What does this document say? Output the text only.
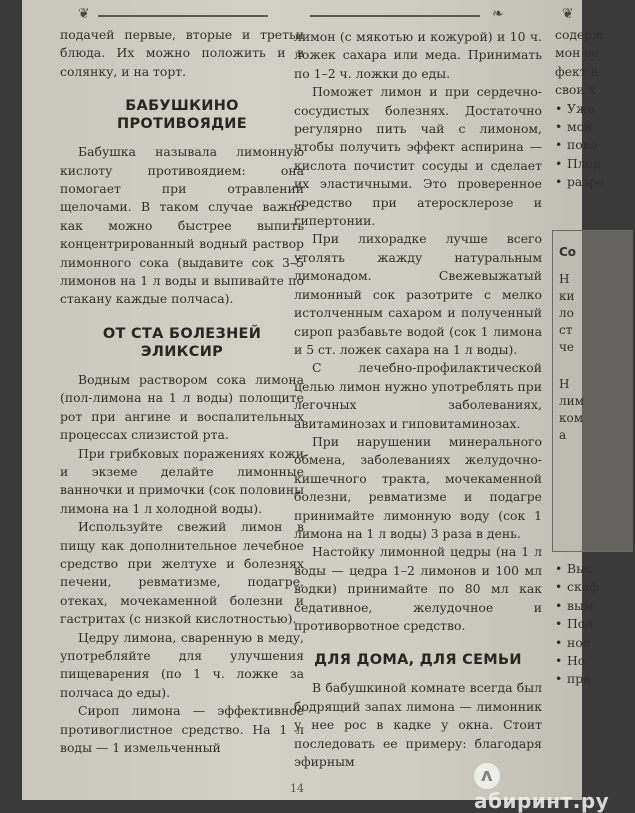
❦	❧	❦

подачей первые, вторые и третьи блюда. Их можно положить и в солянку, и на торт.

БАБУШКИНО ПРОТИВОЯДИЕ

Бабушка называла лимонную кислоту противоядием: она помогает при отравлении щелочами. В таком случае важно как можно быстрее выпить концентрированный водный раствор лимонного сока (выдавите сок 3–5 лимонов на 1 л воды и выпивайте по стакану каждые полчаса).

ОТ СТА БОЛЕЗНЕЙ ЭЛИКСИР

Водным раствором сока лимона (пол-лимона на 1 л воды) полощите рот при ангине и воспалительных процессах слизистой рта.

При грибковых поражениях кожи и экземе делайте лимонные ванночки и примочки (сок половины лимона на 1 л холодной воды).

Используйте свежий лимон в пищу как дополнительное лечебное средство при желтухе и болезнях печени, ревматизме, подагре, отеках, мочекаменной болезни и гастритах (с низкой кислотностью).

Цедру лимона, сваренную в меду, употребляйте для улучшения пищеварения (по 1 ч. ложке за полчаса до еды).

Сироп лимона — эффективное противоглистное средство. На 1 л воды — 1 измельченный

лимон (с мякотью и кожурой) и 10 ч. ложек сахара или меда. Принимать по 1–2 ч. ложки до еды.

Поможет лимон и при сердечно-сосудистых болезнях. Достаточно регулярно пить чай с лимоном, чтобы получить эффект аспирина — кислота почистит сосуды и сделает их эластичными. Это проверенное средство при атеросклерозе и гипертонии.

При лихорадке лучше всего утолять жажду натуральным лимонадом. Свежевыжатый лимонный сок разотрите с мелко истолченным сахаром и полученный сироп разбавьте водой (сок 1 лимона и 5 ст. ложек сахара на 1 л воды).

С лечебно-профилактической целью лимон нужно употреблять при легочных заболеваниях, авитаминозах и гиповитаминозах.

При нарушении минерального обмена, заболеваниях желудочно-кишечного тракта, мочекаменной болезни, ревматизме и подагре принимайте лимонную воду (сок 1 лимона на 1 л воды) 3 раза в день.

Настойку лимонной цедры (на 1 л воды — цедра 1–2 лимонов и 100 мл водки) принимайте по 80 мл как седативное, желудочное и противорвотное средство.

ДЛЯ ДОМА, ДЛЯ СЕМЬИ

В бабушкиной комнате всегда был бодрящий запах лимона — лимонник у нее рос в кадке у окна. Стоит последовать ее примеру: благодаря эфирным

содерж
мон ос
фект в
свои х
• Уже
• мон
• поко
• Плод
• разре
Со
Н
ки
ло
ст
че
Н
лим
ком
а
• Выс
• скаф
• вым
• Пол
• ное
• Но
• пра
14
ʌабиринт.ру
